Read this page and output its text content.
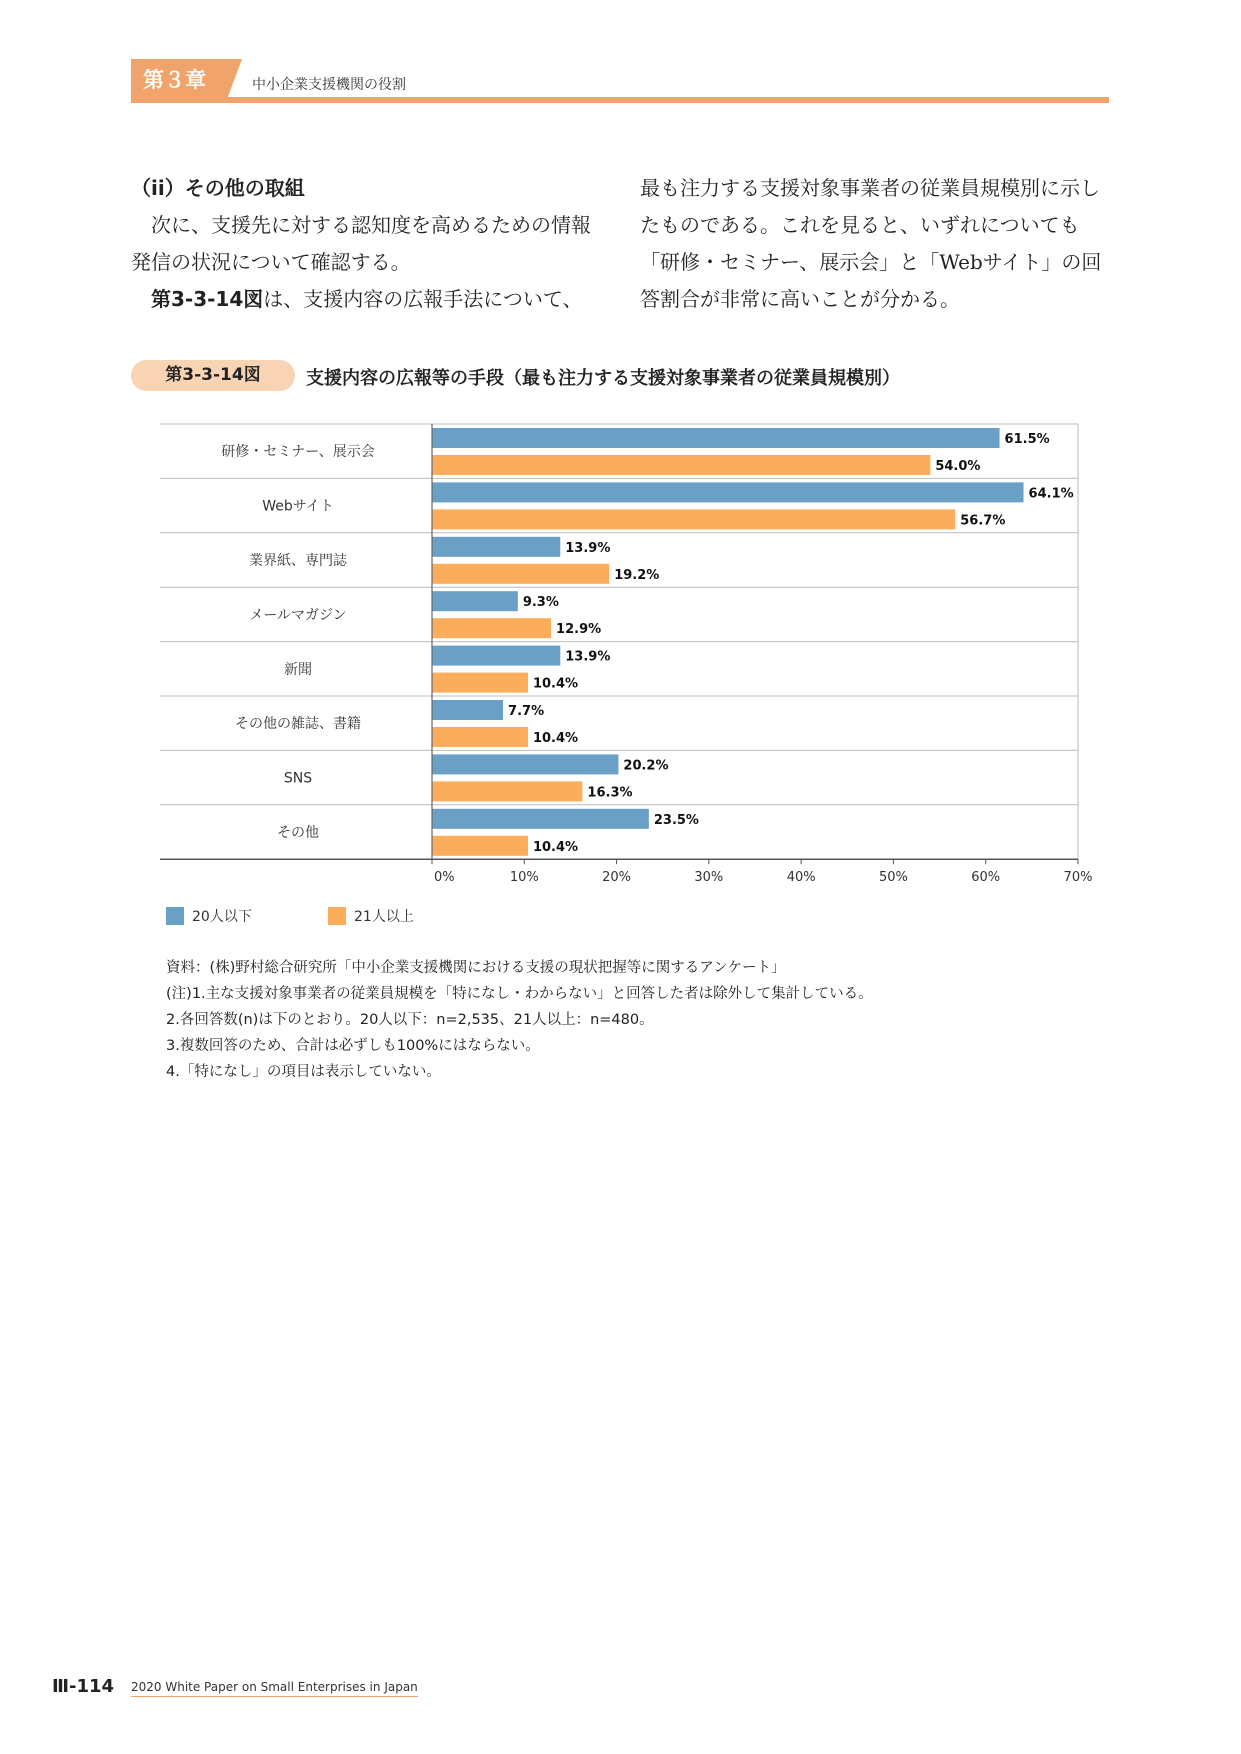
第３章	中小企業支援機関の役割

（ii）その他の取組

次に、支援先に対する認知度を高めるための情報発信の状況について確認する。

第3-3-14図は、支援内容の広報手法について、

最も注力する支援対象事業者の従業員規模別に示したものである。これを見ると、いずれについても「研修・セミナー、展示会」と「Webサイト」の回答割合が非常に高いことが分かる。

第3-3-14図	支援内容の広報等の手段（最も注力する支援対象事業者の従業員規模別）
研修・セミナー、展示会
61.5%
54.0%
Webサイト
64.1%
56.7%
業界紙、専門誌
13.9%
19.2%
メールマガジン
9.3%
12.9%
新聞
13.9%
10.4%
その他の雑誌、書籍
7.7%
10.4%
SNS
20.2%
16.3%
その他
23.5%
10.4%
0%	10%	20%	30%	40%	50%	60%	70%
20人以下	21人以上
資料：(株)野村総合研究所「中小企業支援機関における支援の現状把握等に関するアンケート」
(注)1.主な支援対象事業者の従業員規模を「特になし・わからない」と回答した者は除外して集計している。
2.各回答数(n)は下のとおり。20人以下：n=2,535、21人以上：n=480。
3.複数回答のため、合計は必ずしも100%にはならない。
4.「特になし」の項目は表示していない。
Ⅲ-114 2020 White Paper on Small Enterprises in Japan
